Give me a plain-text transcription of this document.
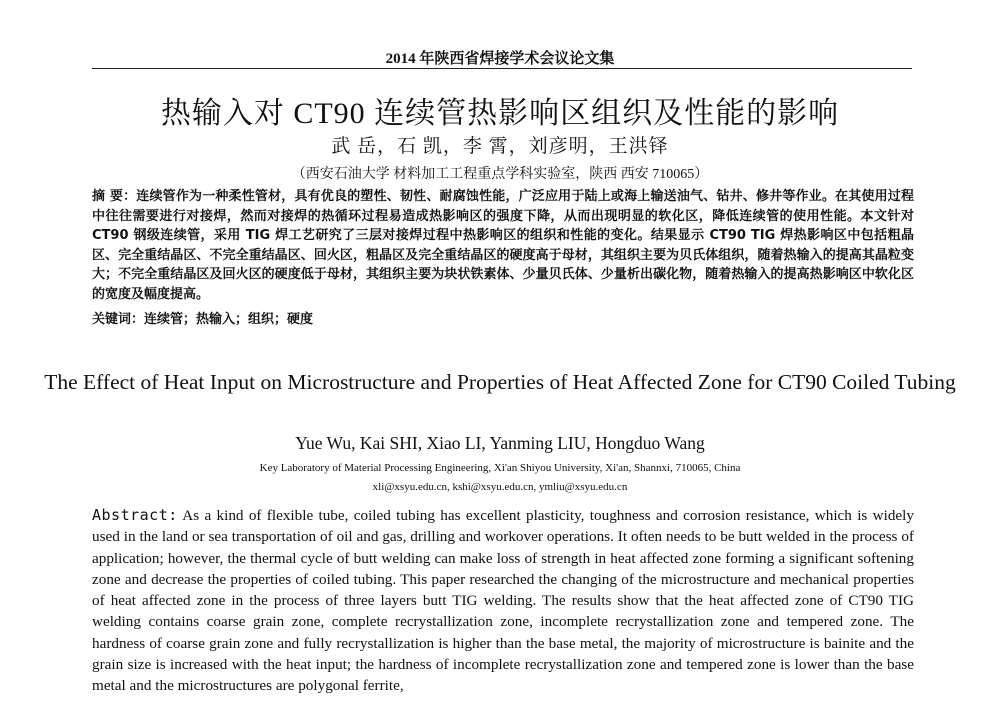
2014 年陕西省焊接学术会议论文集
热输入对 CT90 连续管热影响区组织及性能的影响
武 岳，石 凯，李 霄，刘彦明，王洪铎
（西安石油大学 材料加工工程重点学科实验室，陕西 西安 710065）
摘 要：连续管作为一种柔性管材，具有优良的塑性、韧性、耐腐蚀性能，广泛应用于陆上或海上输送油气、钻井、修井等作业。在其使用过程中往往需要进行对接焊，然而对接焊的热循环过程易造成热影响区的强度下降，从而出现明显的软化区，降低连续管的使用性能。本文针对 CT90 钢级连续管，采用 TIG 焊工艺研究了三层对接焊过程中热影响区的组织和性能的变化。结果显示 CT90 TIG 焊热影响区中包括粗晶区、完全重结晶区、不完全重结晶区、回火区，粗晶区及完全重结晶区的硬度高于母材，其组织主要为贝氏体组织，随着热输入的提高其晶粒变大；不完全重结晶区及回火区的硬度低于母材，其组织主要为块状铁素体、少量贝氏体、少量析出碳化物，随着热输入的提高热影响区中软化区的宽度及幅度提高。
关键词：连续管；热输入；组织；硬度
The Effect of Heat Input on Microstructure and Properties of Heat Affected Zone for CT90 Coiled Tubing
Yue Wu, Kai SHI, Xiao LI, Yanming LIU, Hongduo Wang
Key Laboratory of Material Processing Engineering, Xi'an Shiyou University, Xi'an, Shannxi, 710065, China
xli@xsyu.edu.cn, kshi@xsyu.edu.cn, ymliu@xsyu.edu.cn
Abstract: As a kind of flexible tube, coiled tubing has excellent plasticity, toughness and corrosion resistance, which is widely used in the land or sea transportation of oil and gas, drilling and workover operations. It often needs to be butt welded in the process of application; however, the thermal cycle of butt welding can make loss of strength in heat affected zone forming a significant softening zone and decrease the properties of coiled tubing. This paper researched the changing of the microstructure and mechanical properties of heat affected zone in the process of three layers butt TIG welding. The results show that the heat affected zone of CT90 TIG welding contains coarse grain zone, complete recrystallization zone, incomplete recrystallization zone and tempered zone. The hardness of coarse grain zone and fully recrystallization is higher than the base metal, the majority of microstructure is bainite and the grain size is increased with the heat input; the hardness of incomplete recrystallization zone and tempered zone is lower than the base metal and the microstructures are polygonal ferrite,
